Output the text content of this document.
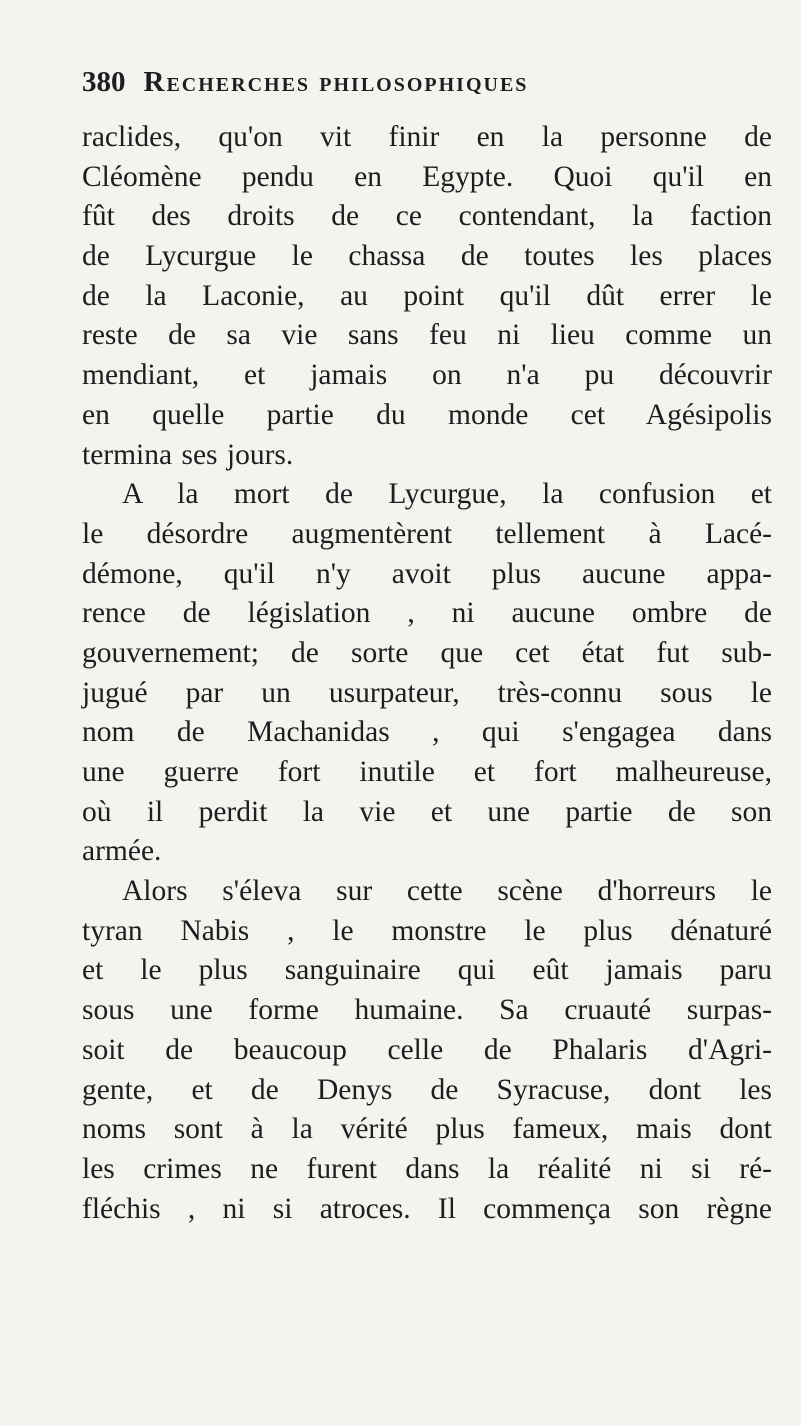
380 Recherches philosophiques
raclides, qu'on vit finir en la personne de
Cléomène pendu en Egypte. Quoi qu'il en
fût des droits de ce contendant, la faction
de Lycurgue le chassa de toutes les places
de la Laconie, au point qu'il dût errer le
reste de sa vie sans feu ni lieu comme un
mendiant, et jamais on n'a pu découvrir
en quelle partie du monde cet Agésipolis
termina ses jours.
A la mort de Lycurgue, la confusion et
le désordre augmentèrent tellement à Lacé-
démone, qu'il n'y avoit plus aucune appa-
rence de législation , ni aucune ombre de
gouvernement; de sorte que cet état fut sub-
jugué par un usurpateur, très-connu sous le
nom de Machanidas , qui s'engagea dans
une guerre fort inutile et fort malheureuse,
où il perdit la vie et une partie de son
armée.
Alors s'éleva sur cette scène d'horreurs le
tyran Nabis , le monstre le plus dénaturé
et le plus sanguinaire qui eût jamais paru
sous une forme humaine. Sa cruauté surpas-
soit de beaucoup celle de Phalaris d'Agri-
gente, et de Denys de Syracuse, dont les
noms sont à la vérité plus fameux, mais dont
les crimes ne furent dans la réalité ni si ré-
fléchis , ni si atroces. Il commença son règne
